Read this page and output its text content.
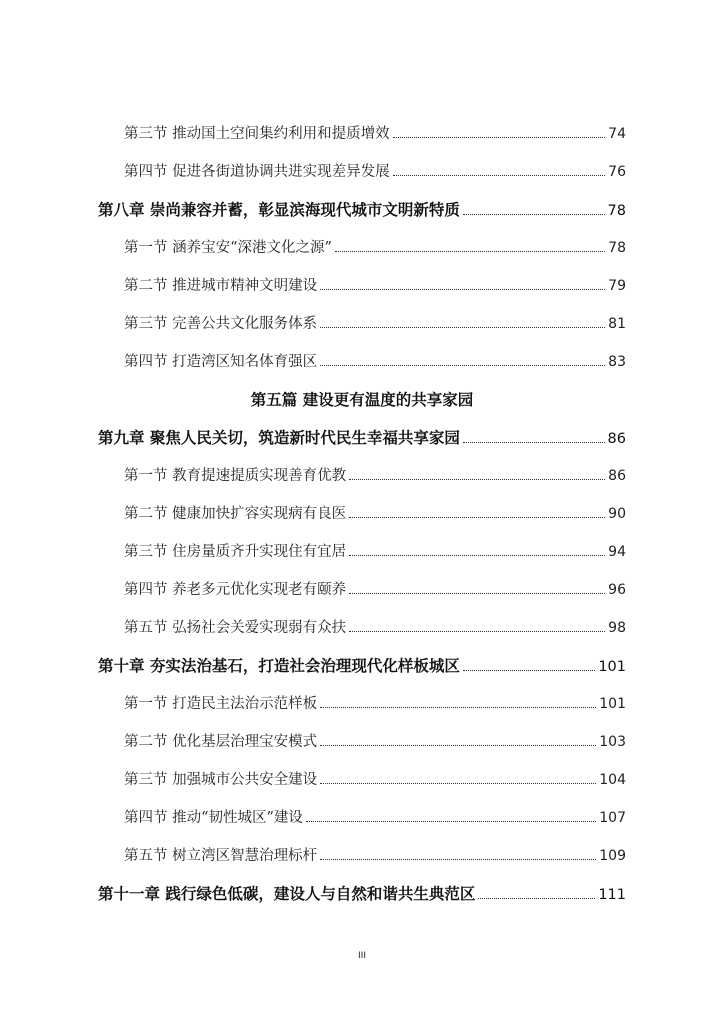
第三节 推动国土空间集约利用和提质增效	74
第四节 促进各街道协调共进实现差异发展	76
第八章 崇尚兼容并蓄，彰显滨海现代城市文明新特质	78
第一节 涵养宝安“深港文化之源”	78
第二节 推进城市精神文明建设	79
第三节 完善公共文化服务体系	81
第四节 打造湾区知名体育强区	83
第五篇 建设更有温度的共享家园
第九章 聚焦人民关切，筑造新时代民生幸福共享家园	86
第一节 教育提速提质实现善育优教	86
第二节 健康加快扩容实现病有良医	90
第三节 住房量质齐升实现住有宜居	94
第四节 养老多元优化实现老有颐养	96
第五节 弘扬社会关爱实现弱有众扶	98
第十章 夯实法治基石，打造社会治理现代化样板城区	101
第一节 打造民主法治示范样板	101
第二节 优化基层治理宝安模式	103
第三节 加强城市公共安全建设	104
第四节 推动“韧性城区”建设	107
第五节 树立湾区智慧治理标杆	109
第十一章 践行绿色低碳，建设人与自然和谐共生典范区	111
III
